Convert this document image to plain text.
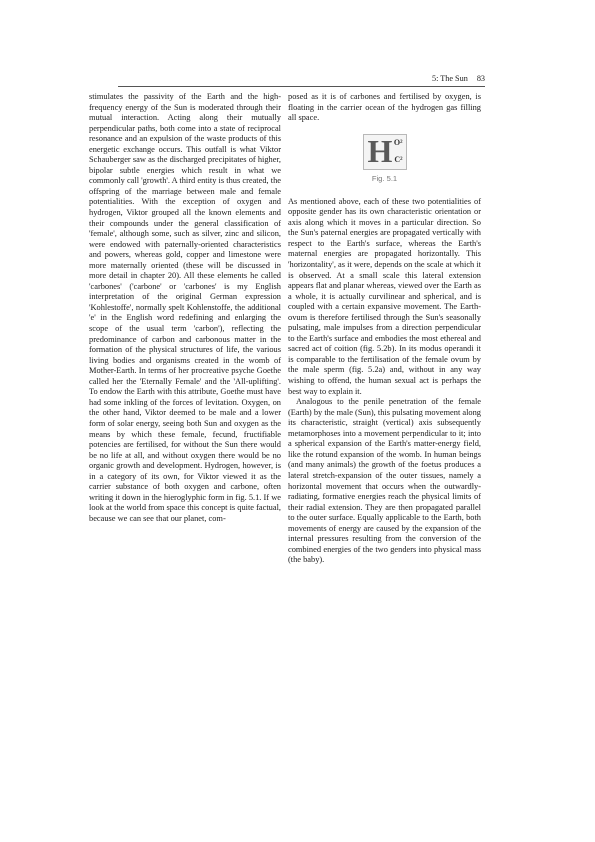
5: The Sun 83

stimulates the passivity of the Earth and the high-frequency energy of the Sun is moderated through their mutual interaction. Acting along their mutually perpendicular paths, both come into a state of reciprocal resonance and an expulsion of the waste products of this energetic exchange occurs. This outfall is what Viktor Schauberger saw as the discharged precipitates of higher, bipolar subtle energies which result in what we commonly call 'growth'. A third entity is thus created, the offspring of the marriage between male and female potentialities. With the exception of oxygen and hydrogen, Viktor grouped all the known elements and their compounds under the general classification of 'female', although some, such as silver, zinc and silicon, were endowed with paternally-oriented characteristics and powers, whereas gold, copper and limestone were more maternally oriented (these will be discussed in more detail in chapter 20). All these elements he called 'carbones' ('carbone' or 'carbones' is my English interpretation of the original German expression 'Kohlestoffe', normally spelt Kohlenstoffe, the additional 'e' in the English word redefining and enlarging the scope of the usual term 'carbon'), reflecting the predominance of carbon and carbonous matter in the formation of the physical structures of life, the various living bodies and organisms created in the womb of Mother-Earth. In terms of her procreative psyche Goethe called her the 'Eternally Female' and the 'All-uplifting'. To endow the Earth with this attribute, Goethe must have had some inkling of the forces of levitation. Oxygen, on the other hand, Viktor deemed to be male and a lower form of solar energy, seeing both Sun and oxygen as the means by which these female, fecund, fructifiable potencies are fertilised, for without the Sun there would be no life at all, and without oxygen there would be no organic growth and development. Hydrogen, however, is in a category of its own, for Viktor viewed it as the carrier substance of both oxygen and carbone, often writing it down in the hieroglyphic form in fig. 5.1. If we look at the world from space this concept is quite factual, because we can see that our planet, com-

posed as it is of carbones and fertilised by oxygen, is floating in the carrier ocean of the hydrogen gas filling all space.

H O²
C²
Fig. 5.1

As mentioned above, each of these two potentialities of opposite gender has its own characteristic orientation or axis along which it moves in a particular direction. So the Sun's paternal energies are propagated vertically with respect to the Earth's surface, whereas the Earth's maternal energies are propagated horizontally. This 'horizontality', as it were, depends on the scale at which it is observed. At a small scale this lateral extension appears flat and planar whereas, viewed over the Earth as a whole, it is actually curvilinear and spherical, and is coupled with a certain expansive movement. The Earth-ovum is therefore fertilised through the Sun's seasonally pulsating, male impulses from a direction perpendicular to the Earth's surface and embodies the most ethereal and sacred act of coition (fig. 5.2b). In its modus operandi it is comparable to the fertilisation of the female ovum by the male sperm (fig. 5.2a) and, without in any way wishing to offend, the human sexual act is perhaps the best way to explain it.

Analogous to the penile penetration of the female (Earth) by the male (Sun), this pulsating movement along its characteristic, straight (vertical) axis subsequently metamorphoses into a movement perpendicular to it; into a spherical expansion of the Earth's matter-energy field, like the rotund expansion of the womb. In human beings (and many animals) the growth of the foetus produces a lateral stretch-expansion of the outer tissues, namely a horizontal movement that occurs when the outwardly-radiating, formative energies reach the physical limits of their radial extension. They are then propagated parallel to the outer surface. Equally applicable to the Earth, both movements of energy are caused by the expansion of the internal pressures resulting from the conversion of the combined energies of the two genders into physical mass (the baby).
